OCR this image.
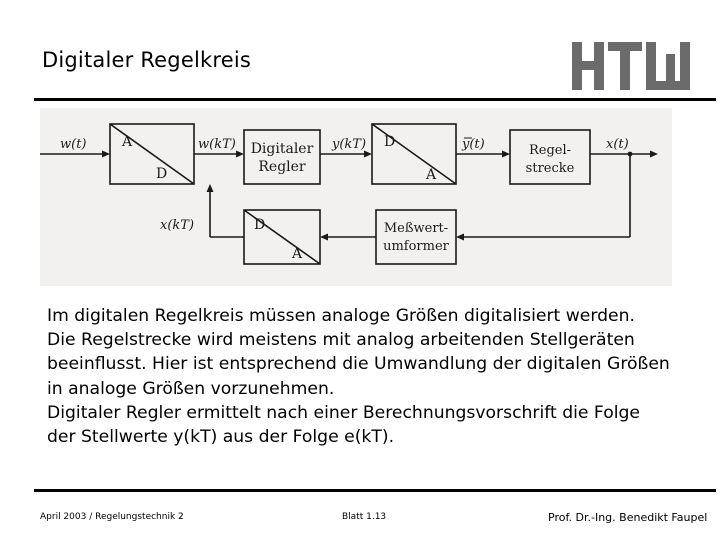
Digitaler Regelkreis
w(t)	w(kT)	y(kT)	y(t)	x(t)
x(kT)
A
D
Digitaler
Regler
D
A
Regel-
strecke
D
A
Meßwert-
umformer
Im digitalen Regelkreis müssen analoge Größen digitalisiert werden.
Die Regelstrecke wird meistens mit analog arbeitenden Stellgeräten
beeinflusst. Hier ist entsprechend die Umwandlung der digitalen Größen
in analoge Größen vorzunehmen.
Digitaler Regler ermittelt nach einer Berechnungsvorschrift die Folge
der Stellwerte y(kT) aus der Folge e(kT).
April 2003 / Regelungstechnik 2	Blatt 1.13	Prof. Dr.-Ing. Benedikt Faupel
